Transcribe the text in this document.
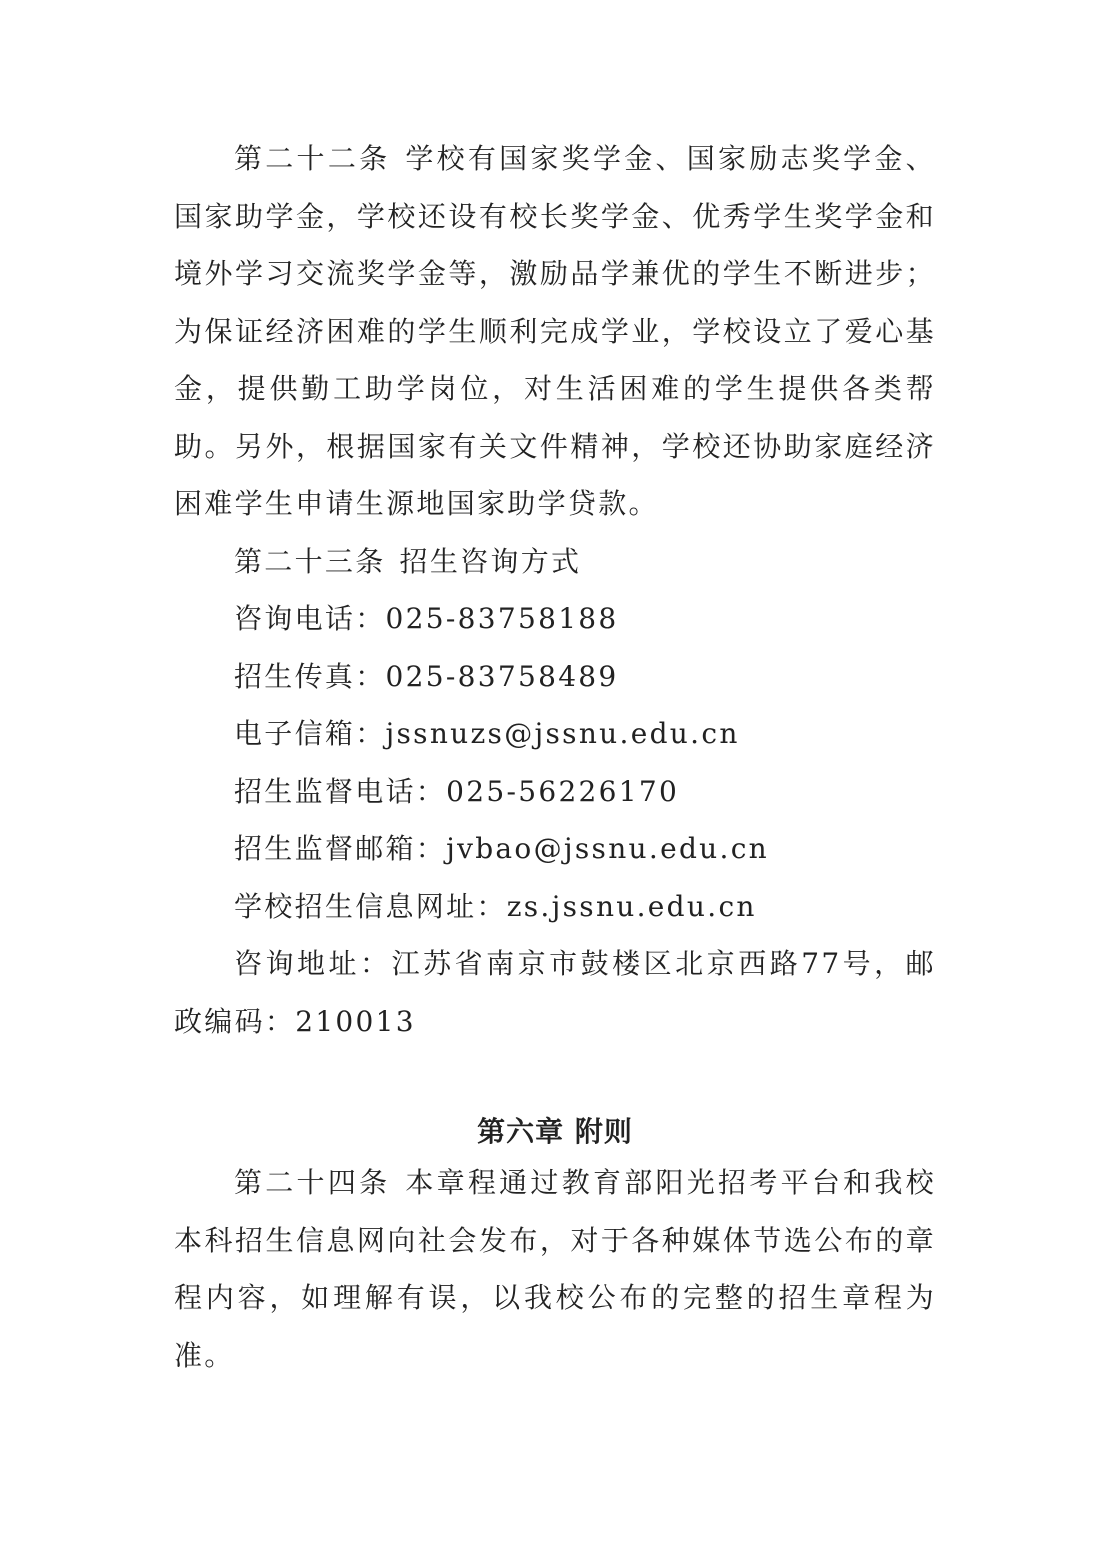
第二十二条 学校有国家奖学金、国家励志奖学金、国家助学金，学校还设有校长奖学金、优秀学生奖学金和境外学习交流奖学金等，激励品学兼优的学生不断进步；为保证经济困难的学生顺利完成学业，学校设立了爱心基金，提供勤工助学岗位，对生活困难的学生提供各类帮助。另外，根据国家有关文件精神，学校还协助家庭经济困难学生申请生源地国家助学贷款。

第二十三条 招生咨询方式

咨询电话：025-83758188

招生传真：025-83758489

电子信箱：jssnuzs@jssnu.edu.cn

招生监督电话：025-56226170

招生监督邮箱：jvbao@jssnu.edu.cn

学校招生信息网址：zs.jssnu.edu.cn

咨询地址：江苏省南京市鼓楼区北京西路77号，邮政编码：210013

第六章 附则

第二十四条 本章程通过教育部阳光招考平台和我校本科招生信息网向社会发布，对于各种媒体节选公布的章程内容，如理解有误，以我校公布的完整的招生章程为准。
